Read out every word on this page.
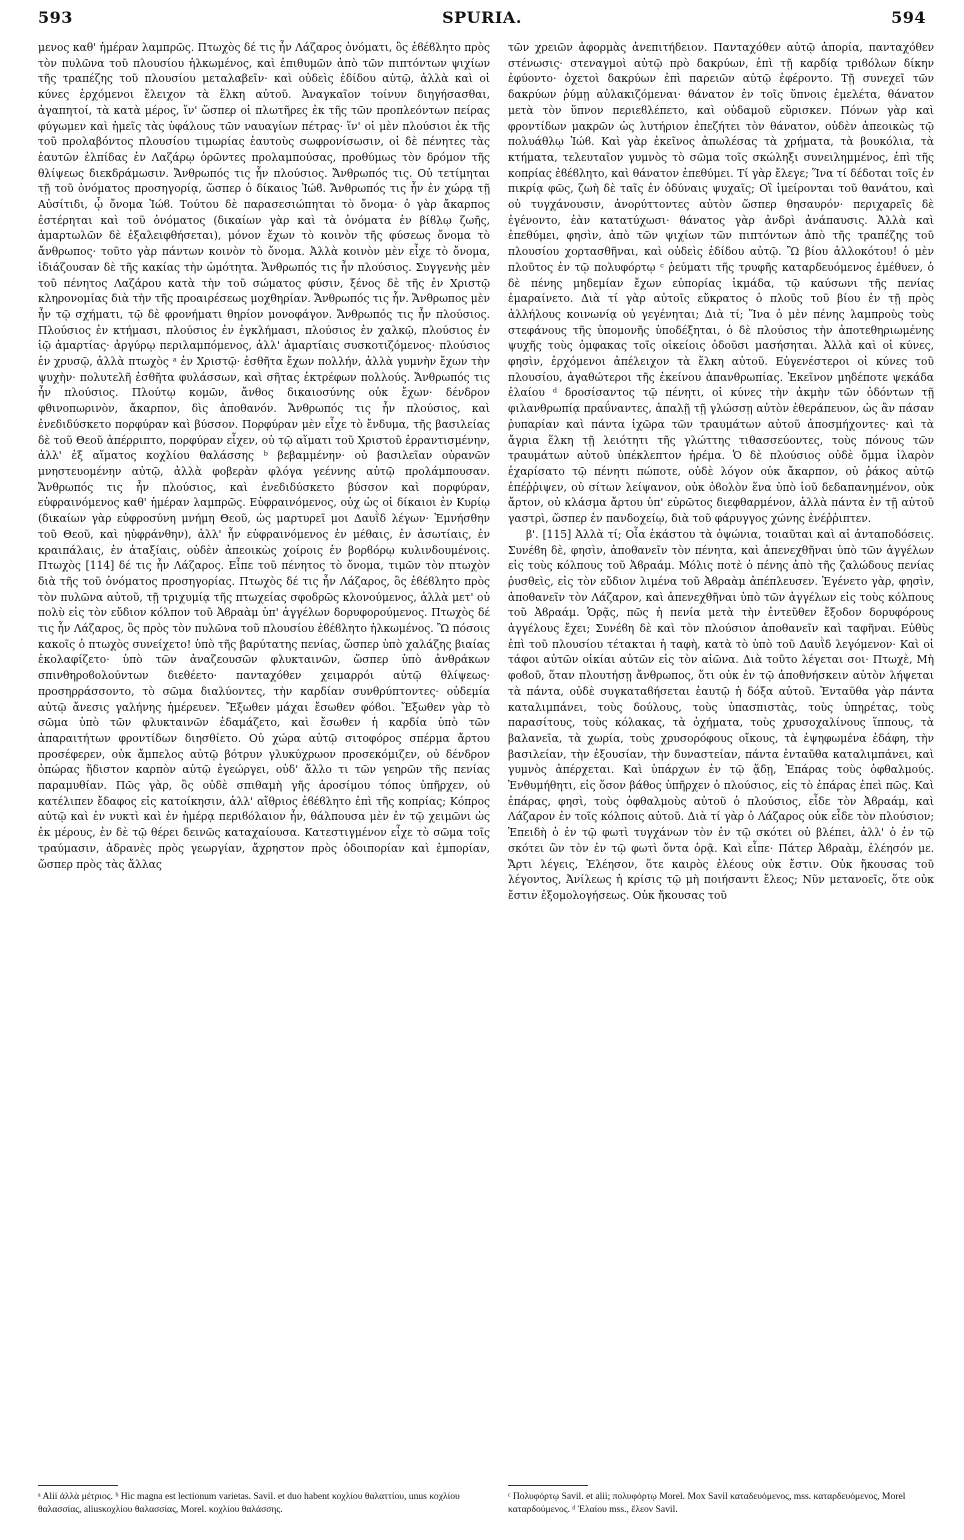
593	SPURIA.	594

μενος καθ' ἡμέραν λαμπρῶς. Πτωχὸς δέ τις ἦν Λάζαρος ὀνόματι, ὃς ἐϐέϐλητο πρὸς τὸν πυλῶνα τοῦ πλουσίου ἡλκωμένος, καὶ ἐπιθυμῶν ἀπὸ τῶν πιπτόντων ψιχίων τῆς τραπέζης τοῦ πλουσίου μεταλαβεῖν· καὶ οὐδεὶς ἐδίδου αὐτῷ, ἀλλὰ καὶ οἱ κύνες ἐρχόμενοι ἔλειχον τὰ ἕλκη αὐτοῦ. Ἀναγκαῖον τοίνυν διηγήσασθαι, ἀγαπητοί, τὰ κατὰ μέρος, ἵν' ὥσπερ οἱ πλωτῆρες ἐκ τῆς τῶν προπλεόντων πείρας φύγωμεν καὶ ἡμεῖς τὰς ὑφάλους τῶν ναυαγίων πέτρας· ἵν' οἱ μὲν πλούσιοι ἐκ τῆς τοῦ προλαβόντος πλουσίου τιμωρίας ἑαυτοὺς σωφρονίσωσιν, οἱ δὲ πένητες τὰς ἑαυτῶν ἐλπίδας ἐν Λαζάρῳ ὁρῶντες προλαμπούσας, προθύμως τὸν δρόμον τῆς θλίψεως διεκδράμωσιν. Ἄνθρωπός τις ἦν πλούσιος. Ἄνθρωπός τις. Οὐ τετίμηται τῇ τοῦ ὀνόματος προσηγορίᾳ, ὥσπερ ὁ δίκαιος Ἰώϐ. Ἄνθρωπός τις ἦν ἐν χώρᾳ τῇ Αὐσίτιδι, ᾧ ὄνομα Ἰώϐ. Τούτου δὲ παρασεσιώπηται τὸ ὄνομα· ὁ γὰρ ἄκαρπος ἐστέρηται καὶ τοῦ ὀνόματος (δικαίων γὰρ καὶ τὰ ὀνόματα ἐν βίϐλῳ ζωῆς, ἁμαρτωλῶν δὲ ἐξαλειφθήσεται), μόνον ἔχων τὸ κοινὸν τῆς φύσεως ὄνομα τὸ ἄνθρωπος· τοῦτο γὰρ πάντων κοινὸν τὸ ὄνομα. Ἀλλὰ κοινὸν μὲν εἶχε τὸ ὄνομα, ἰδιάζουσαν δὲ τῆς κακίας τὴν ὠμότητα. Ἄνθρωπός τις ἦν πλούσιος. Συγγενὴς μὲν τοῦ πένητος Λαζάρου κατὰ τὴν τοῦ σώματος φύσιν, ξένος δὲ τῆς ἐν Χριστῷ κληρονομίας διὰ τὴν τῆς προαιρέσεως μοχθηρίαν. Ἄνθρωπός τις ἦν. Ἄνθρωπος μὲν ἦν τῷ σχήματι, τῷ δὲ φρονήματι θηρίον μονοφάγον. Ἄνθρωπός τις ἦν πλούσιος. Πλούσιος ἐν κτήμασι, πλούσιος ἐν ἐγκλήμασι, πλούσιος ἐν χαλκῷ, πλούσιος ἐν ἰῷ ἁμαρτίας· ἀργύρῳ περιλαμπόμενος, ἀλλ' ἁμαρτίαις συσκοτιζόμενος· πλούσιος ἐν χρυσῷ, ἀλλὰ πτωχὸς ᵃ ἐν Χριστῷ· ἐσθῆτα ἔχων πολλήν, ἀλλὰ γυμνὴν ἔχων τὴν ψυχὴν· πολυτελῆ ἐσθῆτα φυλάσσων, καὶ σῆτας ἐκτρέφων πολλούς. Ἄνθρωπός τις ἦν πλούσιος. Πλούτῳ κομῶν, ἄνθος δικαιοσύνης οὐκ ἔχων· δένδρον φθινοπωρινὸν, ἄκαρπον, δὶς ἀποθανόν. Ἄνθρωπός τις ἦν πλούσιος, καὶ ἐνεδιδύσκετο πορφύραν καὶ βύσσον. Πορφύραν μὲν εἶχε τὸ ἔνδυμα, τῆς βασιλείας δὲ τοῦ Θεοῦ ἀπέρριπτο, πορφύραν εἶχεν, οὐ τῷ αἵματι τοῦ Χριστοῦ ἐρραντισμένην, ἀλλ' ἐξ αἵματος κοχλίου θαλάσσης ᵇ βεβαμμένην· οὐ βασιλεῖαν οὐρανῶν μνηστευομένην αὐτῷ, ἀλλὰ φοβερὰν φλόγα γεέννης αὐτῷ προλάμπουσαν. Ἄνθρωπός τις ἦν πλούσιος, καὶ ἐνεδιδύσκετο βύσσον καὶ πορφύραν, εὐφραινόμενος καθ' ἡμέραν λαμπρῶς. Εὐφραινόμενος, οὐχ ὡς οἱ δίκαιοι ἐν Κυρίῳ (δικαίων γὰρ εὐφροσύνη μνήμη Θεοῦ, ὡς μαρτυρεῖ μοι Δαυῒδ λέγων· Ἐμνήσθην τοῦ Θεοῦ, καὶ ηὐφράνθην), ἀλλ' ἦν εὐφραινόμενος ἐν μέθαις, ἐν ἀσωτίαις, ἐν κραιπάλαις, ἐν ἀταξίαις, οὐδὲν ἀπεοικὼς χοίροις ἐν βορϐόρῳ κυλινδουμένοις. Πτωχὸς [114] δέ τις ἦν Λάζαρος. Εἶπε τοῦ πένητος τὸ ὄνομα, τιμῶν τὸν πτωχὸν διὰ τῆς τοῦ ὀνόματος προσηγορίας. Πτωχὸς δέ τις ἦν Λάζαρος, ὃς ἐϐέϐλητο πρὸς τὸν πυλῶνα αὐτοῦ, τῇ τριχυμίᾳ τῆς πτωχείας σφοδρῶς κλονούμενος, ἀλλὰ μετ' οὐ πολὺ εἰς τὸν εὔδιον κόλπον τοῦ Ἀϐραὰμ ὑπ' ἀγγέλων δορυφορούμενος. Πτωχὸς δέ τις ἦν Λάζαρος, ὃς πρὸς τὸν πυλῶνα τοῦ πλουσίου ἐϐέϐλητο ἡλκωμένος. Ὢ πόσοις κακοῖς ὁ πτωχὸς συνείχετο! ὑπὸ τῆς βαρύτατης πενίας, ὥσπερ ὑπὸ χαλάζης βιαίας ἐκολαφίζετο· ὑπὸ τῶν ἀναζεουσῶν φλυκταινῶν, ὥσπερ ὑπὸ ἀνθράκων σπινθηροϐολούντων διεθέετο· πανταχόθεν χειμαρρόι αὐτῷ θλίψεως· προσηρράσσοντο, τὸ σῶμα διαλύοντες, τὴν καρδίαν συνθρύπτοντες· οὐδεμία αὐτῷ ἄνεσις γαλήνης ἡμέρευεν. Ἔξωθεν μάχαι ἔσωθεν φόϐοι. Ἔξωθεν γὰρ τὸ σῶμα ὑπὸ τῶν φλυκταινῶν ἐδαμάζετο, καὶ ἔσωθεν ἡ καρδία ὑπὸ τῶν ἀπαραιτήτων φροντίδων διησθίετο. Οὐ χώρα αὐτῷ σιτοφόρος σπέρμα ἄρτου προσέφερεν, οὐκ ἄμπελος αὐτῷ βότρυν γλυκύχρωον προσεκόμιζεν, οὐ δένδρον ὀπώρας ἥδιστον καρπὸν αὐτῷ ἐγεώργει, οὐδ' ἄλλο τι τῶν γεηρῶν τῆς πενίας παραμυθίαν. Πῶς γὰρ, ὃς οὐδὲ σπιθαμὴ γῆς ἀροσίμου τόπος ὑπῆρχεν, οὐ κατέλιπεν ἔδαφος εἰς κατοίκησιν, ἀλλ' αἴθριος ἐϐέϐλητο ἐπὶ τῆς κοπρίας; Κόπρος αὐτῷ καὶ ἐν νυκτὶ καὶ ἐν ἡμέρᾳ περιϐόλαιον ἦν, θάλπουσα μὲν ἐν τῷ χειμῶνι ὡς ἐκ μέρους, ἐν δὲ τῷ θέρει δεινῶς καταχαίουσα. Κατεστιγμένον εἶχε τὸ σῶμα τοῖς τραύμασιν, ἀδρανὲς πρὸς γεωργίαν, ἄχρηστον πρὸς ὁδοιπορίαν καὶ ἐμπορίαν, ὥσπερ πρὸς τὰς ἄλλας

τῶν χρειῶν ἀφορμὰς ἀνεπιτήδειον. Πανταχόθεν αὐτῷ ἀπορία, πανταχόθεν στένωσις· στεναγμοὶ αὐτῷ πρὸ δακρύων, ἐπὶ τῇ καρδίᾳ τριϐόλων δίκην ἐφύοντο· ὀχετοὶ δακρύων ἐπὶ παρειῶν αὐτῷ ἐφέροντο. Τῇ συνεχεῖ τῶν δακρύων ῥύμῃ αὐλακιζόμεναι· θάνατον ἐν τοῖς ὕπνοις ἐμελέτα, θάνατον μετὰ τὸν ὕπνον περιεϐλέπετο, καὶ οὐδαμοῦ εὕρισκεν. Πόνων γὰρ καὶ φροντίδων μακρῶν ὡς λυτήριον ἐπεζήτει τὸν θάνατον, οὐδὲν ἀπεοικὼς τῷ πολυάθλῳ Ἰώϐ. Καὶ γὰρ ἐκεῖνος ἀπωλέσας τὰ χρήματα, τὰ βουκόλια, τὰ κτήματα, τελευταῖον γυμνὸς τὸ σῶμα τοῖς σκώληξι συνειλημμένος, ἐπὶ τῆς κοπρίας ἐϐέϐλητο, καὶ θάνατον ἐπεθύμει. Τί γὰρ ἔλεγε; Ἵνα τί δέδοται τοῖς ἐν πικρίᾳ φῶς, ζωὴ δὲ ταῖς ἐν ὀδύναις ψυχαῖς; Οἳ ἱμείρονται τοῦ θανάτου, καὶ οὐ τυγχάνουσιν, ἀνορύττοντες αὐτὸν ὥσπερ θησαυρόν· περιχαρεῖς δὲ ἐγένοντο, ἐὰν κατατύχωσι· θάνατος γὰρ ἀνδρὶ ἀνάπαυσις. Ἀλλὰ καὶ ἐπεθύμει, φησὶν, ἀπὸ τῶν ψιχίων τῶν πιπτόντων ἀπὸ τῆς τραπέζης τοῦ πλουσίου χορτασθῆναι, καὶ οὐδεὶς ἐδίδου αὐτῷ. Ὢ βίου ἀλλοκότου! ὁ μὲν πλοῦτος ἐν τῷ πολυφόρτῳ ᶜ ῥεύματι τῆς τρυφῆς καταρδευόμενος ἐμέθυεν, ὁ δὲ πένης μηδεμίαν ἔχων εὐπορίας ἰκμάδα, τῷ καύσωνι τῆς πενίας ἐμαραίνετο. Διὰ τί γὰρ αὐτοῖς εὔκρατος ὁ πλοῦς τοῦ βίου ἐν τῇ πρὸς ἀλλήλους κοινωνίᾳ οὐ γεγένηται; Διὰ τί; Ἵνα ὁ μὲν πένης λαμπροὺς τοὺς στεφάνους τῆς ὑπομονῆς ὑποδέξηται, ὁ δὲ πλούσιος τὴν ἀποτεθηριωμένης ψυχῆς τοὺς ὀμφακας τοῖς οἰκείοις ὀδοῦσι μασήσηται. Ἀλλὰ καὶ οἱ κύνες, φησὶν, ἐρχόμενοι ἀπέλειχον τὰ ἕλκη αὐτοῦ. Εὐγενέστεροι οἱ κύνες τοῦ πλουσίου, ἀγαθώτεροι τῆς ἐκείνου ἀπανθρωπίας. Ἐκεῖνον μηδέποτε ψεκάδα ἐλαίου ᵈ δροσίσαντος τῷ πένητι, οἱ κύνες τὴν ἀκμὴν τῶν ὀδόντων τῇ φιλανθρωπίᾳ πραΰναντες, ἁπαλῇ τῇ γλώσσῃ αὐτὸν ἐθεράπευον, ὡς ἂν πάσαν ῥυπαρίαν καὶ πάντα ἰχῶρα τῶν τραυμάτων αὐτοῦ ἀποσμήχοντες· καὶ τὰ ἄγρια ἕλκη τῇ λειότητι τῆς γλώττης τιθασσεύοντες, τοὺς πόνους τῶν τραυμάτων αὐτοῦ ὑπέκλεπτον ἠρέμα. Ὁ δὲ πλούσιος οὐδὲ ὄμμα ἱλαρὸν ἐχαρίσατο τῷ πένητι πώποτε, οὐδὲ λόγον οὐκ ἄκαρπον, οὐ ῥάκος αὐτῷ ἐπέῤῥιψεν, οὐ σίτων λείψανον, οὐκ ὀϐολὸν ἕνα ὑπὸ ἰοῦ δεδαπανημένον, οὐκ ἄρτον, οὐ κλάσμα ἄρτου ὑπ' εὐρῶτος διεφθαρμένον, ἀλλὰ πάντα ἐν τῇ αὐτοῦ γαστρὶ, ὥσπερ ἐν πανδοχείῳ, διὰ τοῦ φάρυγγος χώνης ἐνέῤῥιπτεν.

β'. [115] Ἀλλὰ τί; Οἷα ἑκάστου τὰ ὀψώνια, τοιαῦται καὶ αἱ ἀνταποδόσεις. Συνέϐη δὲ, φησὶν, ἀποθανεῖν τὸν πένητα, καὶ ἀπενεχθῆναι ὑπὸ τῶν ἀγγέλων εἰς τοὺς κόλπους τοῦ Ἀϐραάμ. Μόλις ποτὲ ὁ πένης ἀπὸ τῆς ζαλώδους πενίας ῥυσθεὶς, εἰς τὸν εὔδιον λιμένα τοῦ Ἀϐραὰμ ἀπέπλευσεν. Ἐγένετο γὰρ, φησὶν, ἀποθανεῖν τὸν Λάζαρον, καὶ ἀπενεχθῆναι ὑπὸ τῶν ἀγγέλων εἰς τοὺς κόλπους τοῦ Ἀϐραάμ. Ὁρᾷς, πῶς ἡ πενία μετὰ τὴν ἐντεῦθεν ἔξοδον δορυφόρους ἀγγέλους ἔχει; Συνέϐη δὲ καὶ τὸν πλούσιον ἀποθανεῖν καὶ ταφῆναι. Εὐθὺς ἐπὶ τοῦ πλουσίου τέτακται ἡ ταφὴ, κατὰ τὸ ὑπὸ τοῦ Δαυῒδ λεγόμενον· Καὶ οἱ τάφοι αὐτῶν οἰκίαι αὐτῶν εἰς τὸν αἰῶνα. Διὰ τοῦτο λέγεται σοι· Πτωχὲ, Μὴ φοϐοῦ, ὅταν πλουτήσῃ ἄνθρωπος, ὅτι οὐκ ἐν τῷ ἀποθνήσκειν αὐτὸν λήψεται τὰ πάντα, οὐδὲ συγκαταϐήσεται ἑαυτῷ ἡ δόξα αὐτοῦ. Ἐνταῦθα γὰρ πάντα καταλιμπάνει, τοὺς δούλους, τοὺς ὑπασπιστὰς, τοὺς ὑπηρέτας, τοὺς παρασίτους, τοὺς κόλακας, τὰ ὀχήματα, τοὺς χρυσοχαλίνους ἵππους, τὰ βαλανεῖα, τὰ χωρία, τοὺς χρυσορόφους οἴκους, τὰ ἐψηφωμένα ἐδάφη, τὴν βασιλείαν, τὴν ἐξουσίαν, τὴν δυναστείαν, πάντα ἐνταῦθα καταλιμπάνει, καὶ γυμνὸς ἀπέρχεται. Καὶ ὑπάρχων ἐν τῷ ᾅδῃ, Ἐπάρας τοὺς ὀφθαλμούς. Ἐνθυμήθητι, εἰς ὅσον βάθος ὑπῆρχεν ὁ πλούσιος, εἰς τὸ ἐπάρας ἐπεὶ πῶς. Καὶ ἐπάρας, φησὶ, τοὺς ὀφθαλμοὺς αὐτοῦ ὁ πλούσιος, εἶδε τὸν Ἀϐραάμ, καὶ Λάζαρον ἐν τοῖς κόλποις αὐτοῦ. Διὰ τί γὰρ ὁ Λάζαρος οὐκ εἶδε τὸν πλούσιον; Ἐπειδὴ ὁ ἐν τῷ φωτὶ τυγχάνων τὸν ἐν τῷ σκότει οὐ βλέπει, ἀλλ' ὁ ἐν τῷ σκότει ὢν τὸν ἐν τῷ φωτὶ ὄντα ὁρᾷ. Καὶ εἶπε· Πάτερ Ἀϐραὰμ, ἐλέησόν με. Ἄρτι λέγεις, Ἐλέησον, ὅτε καιρὸς ἐλέους οὐκ ἔστιν. Οὐκ ἤκουσας τοῦ λέγοντος, Ἀνίλεως ἡ κρίσις τῷ μὴ ποιήσαντι ἔλεος; Νῦν μετανοεῖς, ὅτε οὐκ ἔστιν ἐξομολογήσεως. Οὐκ ἤκουσας τοῦ

ᵃ Alii ἀλλὰ μέτριος. ᵇ Hic magna est lectionum varietas. Savil. et duo habent κοχλίου θαλαττίου, unus κοχλίου θαλασσίας, aliusκοχλίου θαλασσίας, Morel. κοχλίου θαλάσσης.

ᶜ Πολυφόρτῳ Savil. et alii; πολυφόρτῳ Morel. Mox Savil καταδευόμενος, mss. καταρδευόμενος, Morel καταρδούμενος. ᵈ Ἐλαίου mss., ἔλεον Savil.
